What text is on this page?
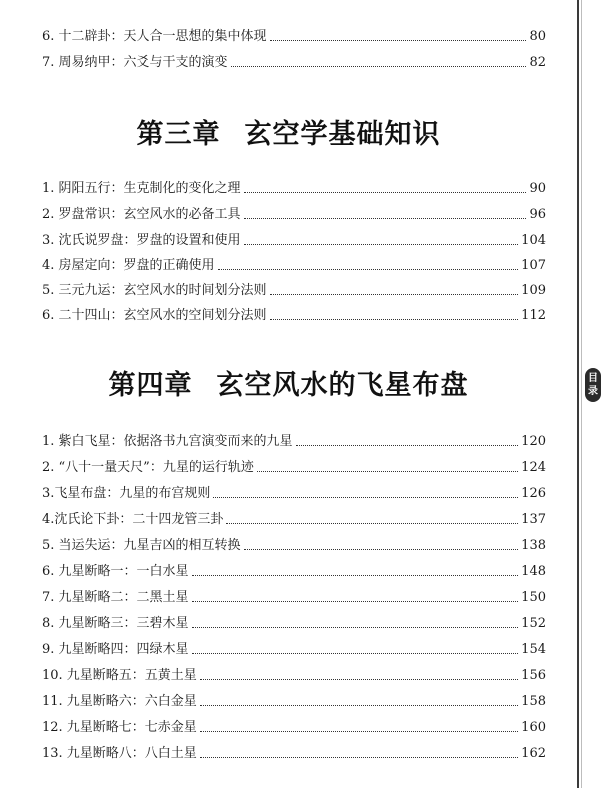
6. 十二辟卦：天人合一思想的集中体现	80
7. 周易纳甲：六爻与干支的演变	82
第三章 玄空学基础知识
1. 阴阳五行：生克制化的变化之理	90
2. 罗盘常识：玄空风水的必备工具	96
3. 沈氏说罗盘：罗盘的设置和使用	104
4. 房屋定向：罗盘的正确使用	107
5. 三元九运：玄空风水的时间划分法则	109
6. 二十四山：玄空风水的空间划分法则	112
第四章 玄空风水的飞星布盘
1. 紫白飞星：依据洛书九宫演变而来的九星	120
2. “八十一量天尺”：九星的运行轨迹	124
3.飞星布盘：九星的布宫规则	126
4.沈氏论下卦：二十四龙管三卦	137
5. 当运失运：九星吉凶的相互转换	138
6. 九星断略一：一白水星	148
7. 九星断略二：二黑土星	150
8. 九星断略三：三碧木星	152
9. 九星断略四：四绿木星	154
10. 九星断略五：五黄土星	156
11. 九星断略六：六白金星	158
12. 九星断略七：七赤金星	160
13. 九星断略八：八白土星	162
目
录
